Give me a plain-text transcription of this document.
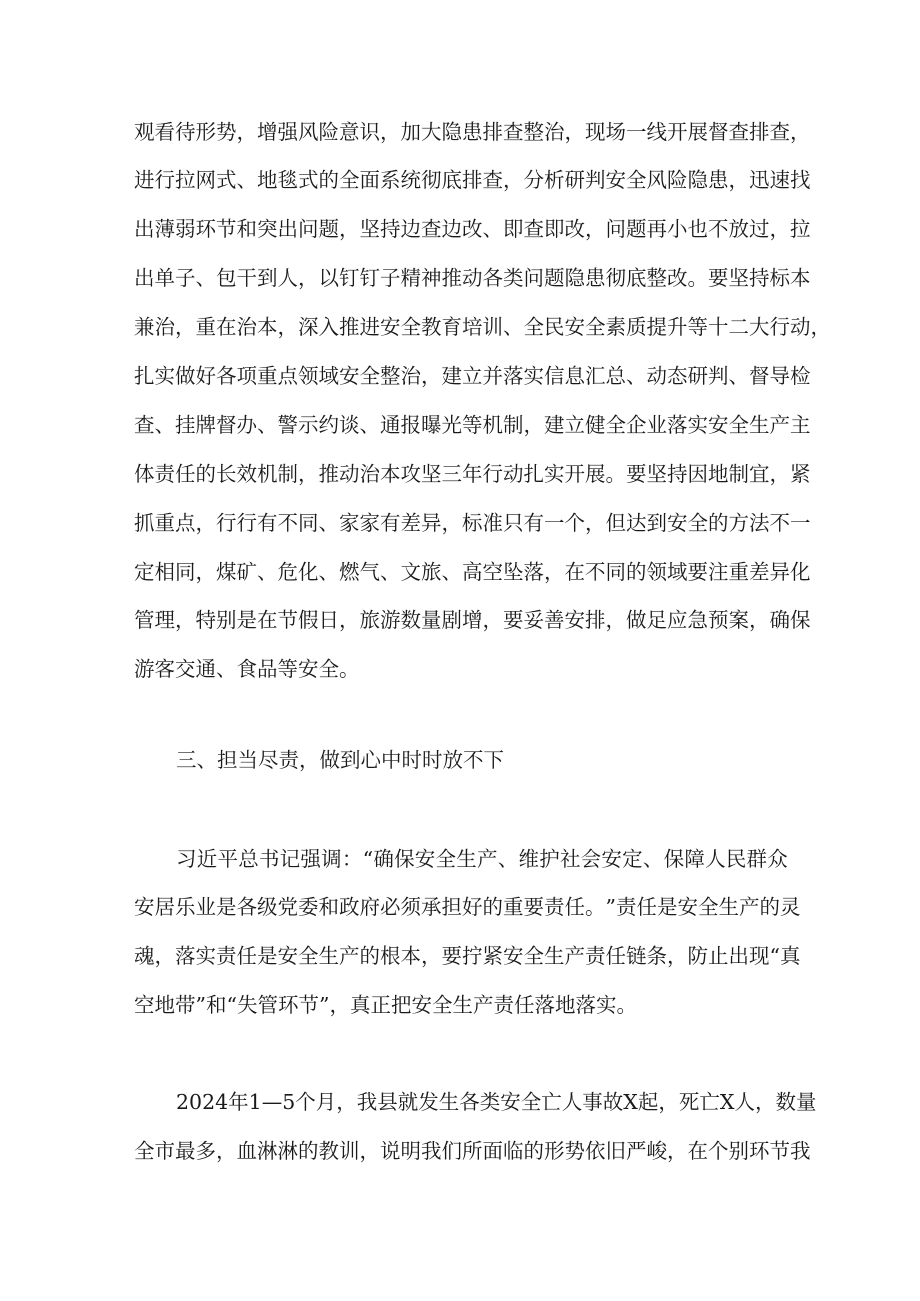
观 看 待 形 势 ， 增 强 风 险 意 识 ， 加 大 隐 患 排 查 整 治 ， 现 场 一 线 开 展 督 查 排 查 ，
进 行 拉 网 式 、 地 毯 式 的 全 面 系 统 彻 底 排 查 ， 分 析 研 判 安 全 风 险 隐 患 ， 迅 速 找
出 薄 弱 环 节 和 突 出 问 题 ， 坚 持 边 查 边 改 、 即 查 即 改 ， 问 题 再 小 也 不 放 过 ， 拉
出 单 子 、 包 干 到 人 ， 以 钉 钉 子 精 神 推 动 各 类 问 题 隐 患 彻 底 整 改 。 要 坚 持 标 本
兼 治 ， 重 在 治 本 ， 深 入 推 进 安 全 教 育 培 训 、 全 民 安 全 素 质 提 升 等 十 二 大 行 动 ，
扎 实 做 好 各 项 重 点 领 域 安 全 整 治 ， 建 立 并 落 实 信 息 汇 总 、 动 态 研 判 、 督 导 检
查 、 挂 牌 督 办 、 警 示 约 谈 、 通 报 曝 光 等 机 制 ， 建 立 健 全 企 业 落 实 安 全 生 产 主
体 责 任 的 长 效 机 制 ， 推 动 治 本 攻 坚 三 年 行 动 扎 实 开 展 。 要 坚 持 因 地 制 宜 ， 紧
抓 重 点 ， 行 行 有 不 同 、 家 家 有 差 异 ， 标 准 只 有 一 个 ， 但 达 到 安 全 的 方 法 不 一
定 相 同 ， 煤 矿 、 危 化 、 燃 气 、 文 旅 、 高 空 坠 落 ， 在 不 同 的 领 域 要 注 重 差 异 化
管 理 ， 特 别 是 在 节 假 日 ， 旅 游 数 量 剧 增 ， 要 妥 善 安 排 ， 做 足 应 急 预 案 ， 确 保
游客交通、食品等安全。
三、担当尽责，做到心中时时放不下
习 近 平 总 书 记 强 调 ： “ 确 保 安 全 生 产 、 维 护 社 会 安 定 、 保 障 人 民 群 众
安 居 乐 业 是 各 级 党 委 和 政 府 必 须 承 担 好 的 重 要 责 任 。 ” 责 任 是 安 全 生 产 的 灵
魂 ， 落 实 责 任 是 安 全 生 产 的 根 本 ， 要 拧 紧 安 全 生 产 责 任 链 条 ， 防 止 出 现 “ 真
空地带”和“失管环节”，真正把安全生产责任落地落实。
2024 年 1 — 5 个 月 ， 我 县 就 发 生 各 类 安 全 亡 人 事 故 X 起 ， 死 亡 X 人 ， 数 量
全 市 最 多 ， 血 淋 淋 的 教 训 ， 说 明 我 们 所 面 临 的 形 势 依 旧 严 峻 ， 在 个 别 环 节 我
